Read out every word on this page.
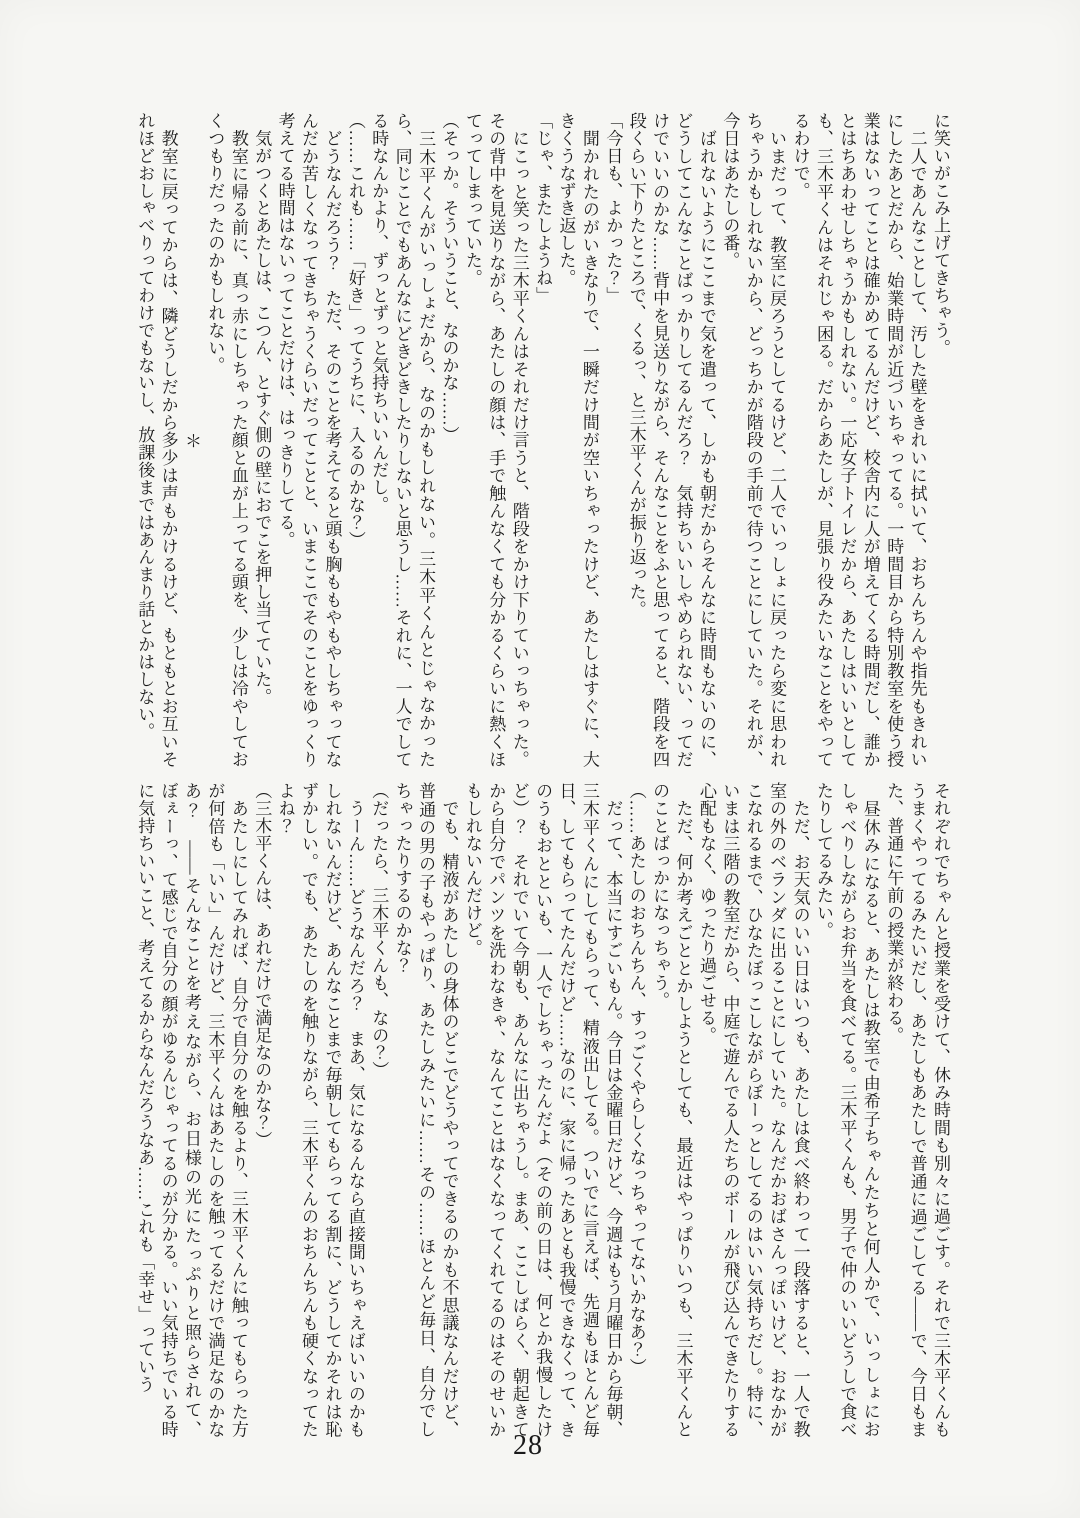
に笑いがこみ上げてきちゃう。

　二人であんなことして、汚した壁をきれいに拭いて、おちんちんや指先もきれいにしたあとだから、始業時間が近づいちゃってる。一時間目から特別教室を使う授業はないってことは確かめてるんだけど、校舎内に人が増えてくる時間だし、誰かとはちあわせしちゃうかもしれない。一応女子トイレだから、あたしはいいとしても、三木平くんはそれじゃ困る。だからあたしが、見張り役みたいなことをやってるわけで。

　いまだって、教室に戻ろうとしてるけど、二人でいっしょに戻ったら変に思われちゃうかもしれないから、どっちかが階段の手前で待つことにしていた。それが、今日はあたしの番。

　ばれないようにここまで気を遣って、しかも朝だからそんなに時間もないのに、どうしてこんなことばっかりしてるんだろ？　気持ちいいしやめられない、ってだけでいいのかな……背中を見送りながら、そんなことをふと思ってると、階段を四段くらい下りたところで、くるっ、と三木平くんが振り返った。

「今日も、よかった？」

　聞かれたのがいきなりで、一瞬だけ間が空いちゃったけど、あたしはすぐに、大きくうなずき返した。

「じゃ、またしようね」

　にこっと笑った三木平くんはそれだけ言うと、階段をかけ下りていっちゃった。その背中を見送りながら、あたしの顔は、手で触んなくても分かるくらいに熱くほてってしまっていた。

（そっか。そういうこと、なのかな……）

　三木平くんがいっしょだから、なのかもしれない。三木平くんとじゃなかったら、同じことでもあんなにどきどきしたりしないと思うし……それに、一人でしてる時なんかより、ずっとずっと気持ちいいんだし。

（……これも……「好き」ってうちに、入るのかな？）

　どうなんだろう？　ただ、そのことを考えてると頭も胸ももやもやしちゃってなんだか苦しくなってきちゃうくらいだってことと、いまここでそのことをゆっくり考えてる時間はないってことだけは、はっきりしてる。

　気がつくとあたしは、こつん、とすぐ側の壁におでこを押し当てていた。

　教室に帰る前に、真っ赤にしちゃった顔と血が上ってる頭を、少しは冷やしておくつもりだったのかもしれない。

＊

　教室に戻ってからは、隣どうしだから多少は声もかけるけど、もともとお互いそれほどおしゃべりってわけでもないし、放課後まではあんまり話とかはしない。

それぞれでちゃんと授業を受けて、休み時間も別々に過ごす。それで三木平くんもうまくやってるみたいだし、あたしもあたしで普通に過ごしてる――で、今日もまた、普通に午前の授業が終わる。

　昼休みになると、あたしは教室で由希子ちゃんたちと何人かで、いっしょにおしゃべりしながらお弁当を食べてる。三木平くんも、男子で仲のいいどうしで食べたりしてるみたい。

　ただ、お天気のいい日はいつも、あたしは食べ終わって一段落すると、一人で教室の外のベランダに出ることにしていた。なんだかおばさんっぽいけど、おなかがこなれるまで、ひなたぼっこしながらぼーっとしてるのはいい気持ちだし。特に、いまは三階の教室だから、中庭で遊んでる人たちのボールが飛び込んできたりする心配もなく、ゆったり過ごせる。

　ただ、何か考えごととかしようとしても、最近はやっぱりいつも、三木平くんとのことばっかになっちゃう。

（……あたしのおちんちん、すっごくやらしくなっちゃってないかなあ？）

　だって、本当にすごいもん。今日は金曜日だけど、今週はもう月曜日から毎朝、三木平くんにしてもらって、精液出してる。ついでに言えば、先週もほとんど毎日、してもらってたんだけど……なのに、家に帰ったあとも我慢できなくって、きのうもおとといも、一人でしちゃったんだよ（その前の日は、何とか我慢したけど）？　それでいて今朝も、あんなに出ちゃうし。まあ、ここしばらく、朝起きてから自分でパンツを洗わなきゃ、なんてことはなくなってくれてるのはそのせいかもしれないんだけど。

　でも、精液があたしの身体のどこでどうやってできるのかも不思議なんだけど、普通の男の子もやっぱり、あたしみたいに……その……ほとんど毎日、自分でしちゃったりするのかな？

（だったら、三木平くんも、なの？）

　うーん……どうなんだろ？　まあ、気になるんなら直接聞いちゃえばいいのかもしれないんだけど、あんなことまで毎朝してもらってる割に、どうしてかそれは恥ずかしい。でも、あたしのを触りながら、三木平くんのおちんちんも硬くなってたよね？

（三木平くんは、あれだけで満足なのかな？）

　あたしにしてみれば、自分で自分のを触るより、三木平くんに触ってもらった方が何倍も「いい」んだけど、三木平くんはあたしのを触ってるだけで満足なのかなあ？　――そんなことを考えながら、お日様の光にたっぷりと照らされて、ぼぇーっ、て感じで自分の顔がゆるんじゃってるのが分かる。いい気持ちでいる時に気持ちいいこと、考えてるからなんだろうなあ……これも「幸せ」っていう

28
